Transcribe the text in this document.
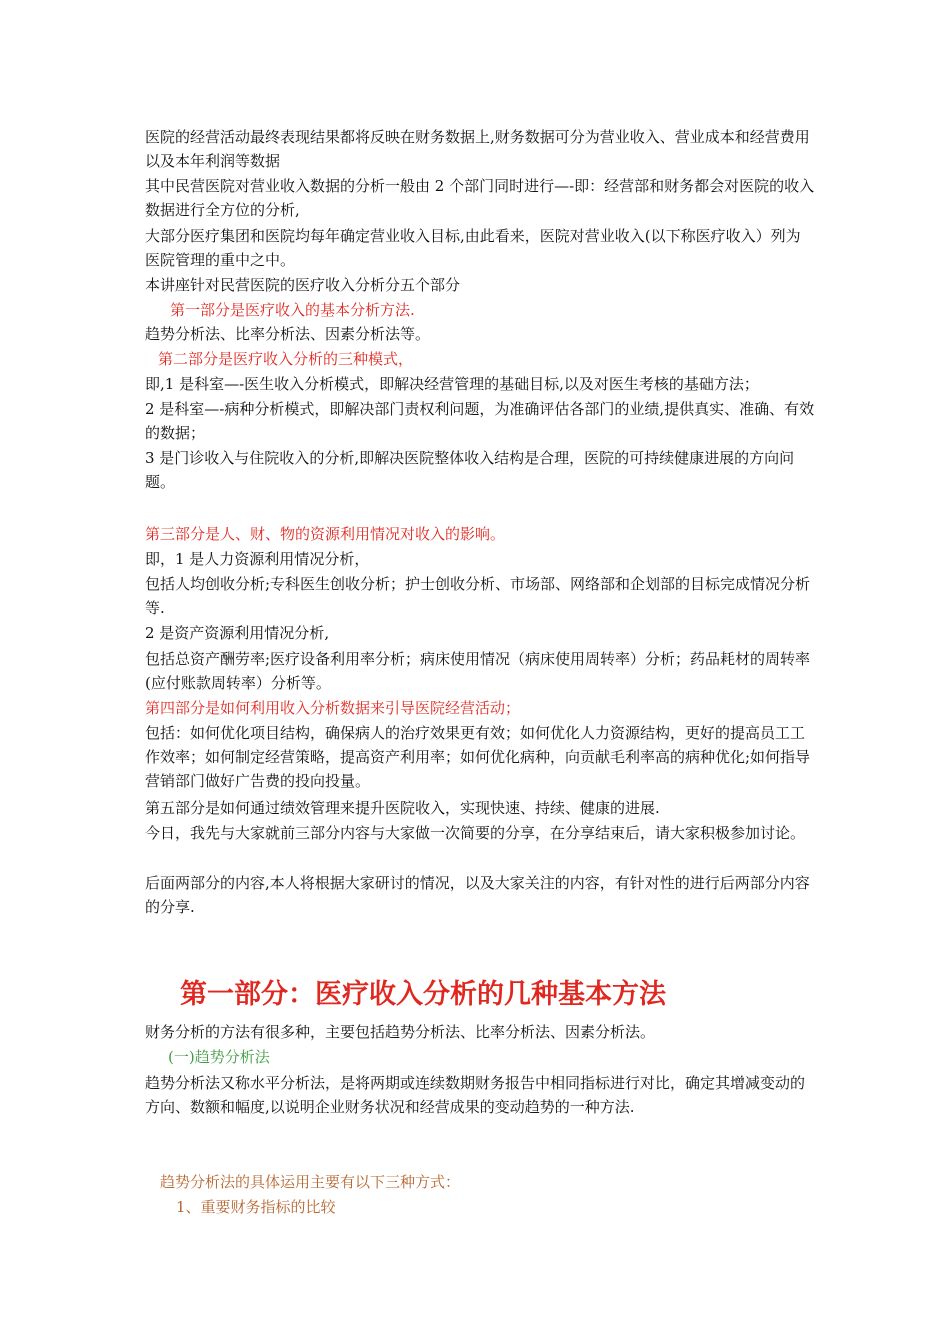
医院的经营活动最终表现结果都将反映在财务数据上,财务数据可分为营业收入、营业成本和经营费用以及本年利润等数据

其中民营医院对营业收入数据的分析一般由 2 个部门同时进行—-即：经营部和财务都会对医院的收入数据进行全方位的分析,

大部分医疗集团和医院均每年确定营业收入目标,由此看来，医院对营业收入(以下称医疗收入）列为医院管理的重中之中。

本讲座针对民营医院的医疗收入分析分五个部分

第一部分是医疗收入的基本分析方法.

趋势分析法、比率分析法、因素分析法等。

第二部分是医疗收入分析的三种模式，

即,1 是科室—-医生收入分析模式，即解决经营管理的基础目标,以及对医生考核的基础方法；

2 是科室—-病种分析模式，即解决部门责权利问题，为准确评估各部门的业绩,提供真实、准确、有效的数据；

3 是门诊收入与住院收入的分析,即解决医院整体收入结构是合理，医院的可持续健康进展的方向问题。

第三部分是人、财、物的资源利用情况对收入的影响。

即，1 是人力资源利用情况分析，

包括人均创收分析;专科医生创收分析；护士创收分析、市场部、网络部和企划部的目标完成情况分析等.

2 是资产资源利用情况分析,

包括总资产酬劳率;医疗设备利用率分析；病床使用情况（病床使用周转率）分析；药品耗材的周转率(应付账款周转率）分析等。

第四部分是如何利用收入分析数据来引导医院经营活动；

包括：如何优化项目结构，确保病人的治疗效果更有效；如何优化人力资源结构，更好的提高员工工作效率；如何制定经营策略，提高资产利用率；如何优化病种，向贡献毛利率高的病种优化;如何指导营销部门做好广告费的投向投量。

第五部分是如何通过绩效管理来提升医院收入，实现快速、持续、健康的进展.

今日，我先与大家就前三部分内容与大家做一次简要的分享，在分享结束后，请大家积极参加讨论。

后面两部分的内容,本人将根据大家研讨的情况，以及大家关注的内容，有针对性的进行后两部分内容的分享.

第一部分：医疗收入分析的几种基本方法

财务分析的方法有很多种，主要包括趋势分析法、比率分析法、因素分析法。

(一)趋势分析法

趋势分析法又称水平分析法，是将两期或连续数期财务报告中相同指标进行对比，确定其增减变动的方向、数额和幅度,以说明企业财务状况和经营成果的变动趋势的一种方法.

趋势分析法的具体运用主要有以下三种方式：

1、重要财务指标的比较
